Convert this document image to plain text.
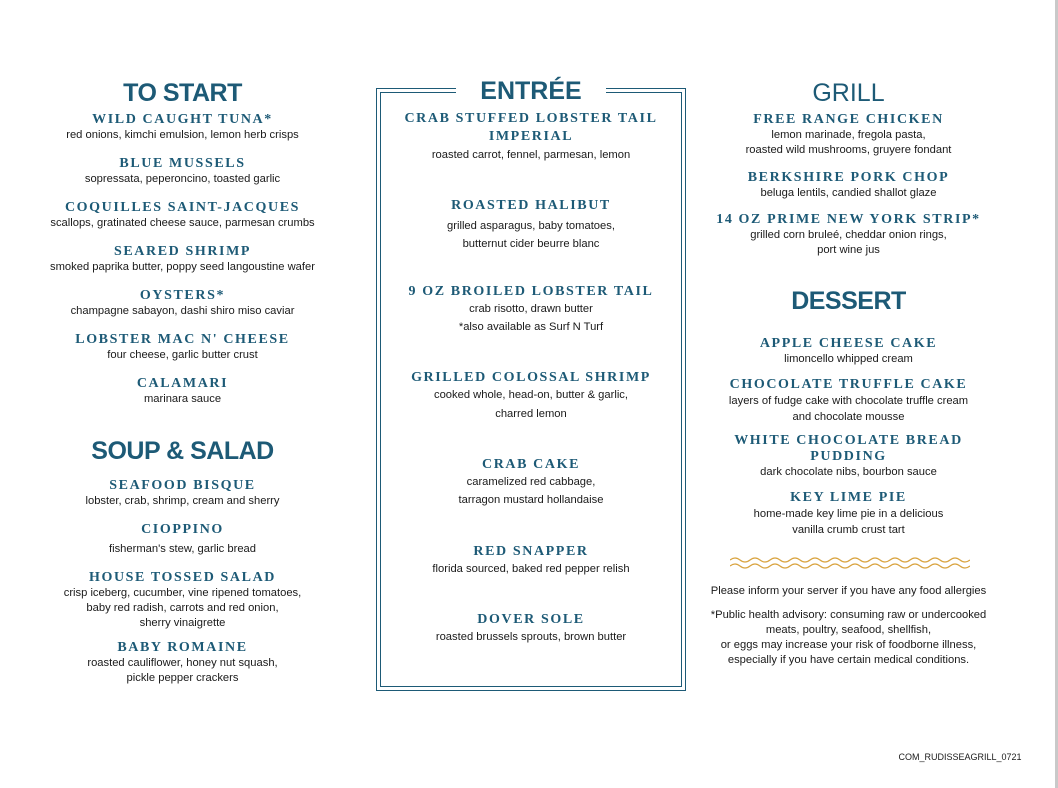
TO START

WILD CAUGHT TUNA*

red onions, kimchi emulsion, lemon herb crisps

BLUE MUSSELS

sopressata, peperoncino, toasted garlic

COQUILLES SAINT-JACQUES

scallops, gratinated cheese sauce, parmesan crumbs

SEARED SHRIMP

smoked paprika butter, poppy seed langoustine wafer

OYSTERS*

champagne sabayon, dashi shiro miso caviar

LOBSTER MAC N' CHEESE

four cheese, garlic butter crust

CALAMARI

marinara sauce

SOUP & SALAD

SEAFOOD BISQUE

lobster, crab, shrimp, cream and sherry

CIOPPINO

fisherman's stew, garlic bread

HOUSE TOSSED SALAD

crisp iceberg, cucumber, vine ripened tomatoes,
baby red radish, carrots and red onion,
sherry vinaigrette

BABY ROMAINE

roasted cauliflower, honey nut squash,
pickle pepper crackers

ENTRÉE

CRAB STUFFED LOBSTER TAIL
IMPERIAL

roasted carrot, fennel, parmesan, lemon

ROASTED HALIBUT

grilled asparagus, baby tomatoes,
butternut cider beurre blanc

9 OZ BROILED LOBSTER TAIL

crab risotto, drawn butter
*also available as Surf N Turf

GRILLED COLOSSAL SHRIMP

cooked whole, head-on, butter & garlic,
charred lemon

CRAB CAKE

caramelized red cabbage,
tarragon mustard hollandaise

RED SNAPPER

florida sourced, baked red pepper relish

DOVER SOLE

roasted brussels sprouts, brown butter

GRILL

FREE RANGE CHICKEN

lemon marinade, fregola pasta,
roasted wild mushrooms, gruyere fondant

BERKSHIRE PORK CHOP

beluga lentils, candied shallot glaze

14 OZ PRIME NEW YORK STRIP*

grilled corn bruleé, cheddar onion rings,
port wine jus

DESSERT

APPLE CHEESE CAKE

limoncello whipped cream

CHOCOLATE TRUFFLE CAKE

layers of fudge cake with chocolate truffle cream
and chocolate mousse

WHITE CHOCOLATE BREAD
PUDDING

dark chocolate nibs, bourbon sauce

KEY LIME PIE

home-made key lime pie in a delicious
vanilla crumb crust tart

Please inform your server if you have any food allergies

*Public health advisory: consuming raw or undercooked
meats, poultry, seafood, shellfish,
or eggs may increase your risk of foodborne illness,
especially if you have certain medical conditions.

COM_RUDISSEAGRILL_0721
